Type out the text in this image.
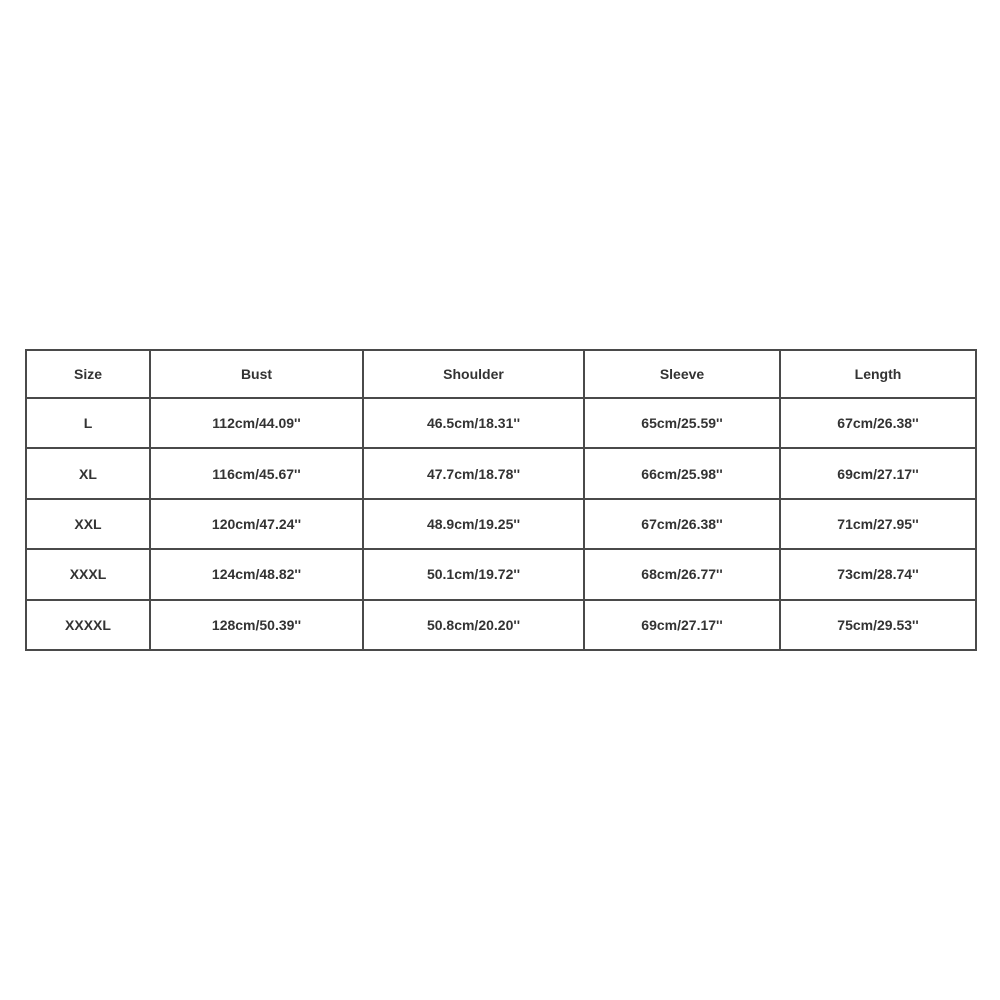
Size	Bust	Shoulder	Sleeve	Length
L	112cm/44.09''	46.5cm/18.31''	65cm/25.59''	67cm/26.38''
XL	116cm/45.67''	47.7cm/18.78''	66cm/25.98''	69cm/27.17''
XXL	120cm/47.24''	48.9cm/19.25''	67cm/26.38''	71cm/27.95''
XXXL	124cm/48.82''	50.1cm/19.72''	68cm/26.77''	73cm/28.74''
XXXXL	128cm/50.39''	50.8cm/20.20''	69cm/27.17''	75cm/29.53''
